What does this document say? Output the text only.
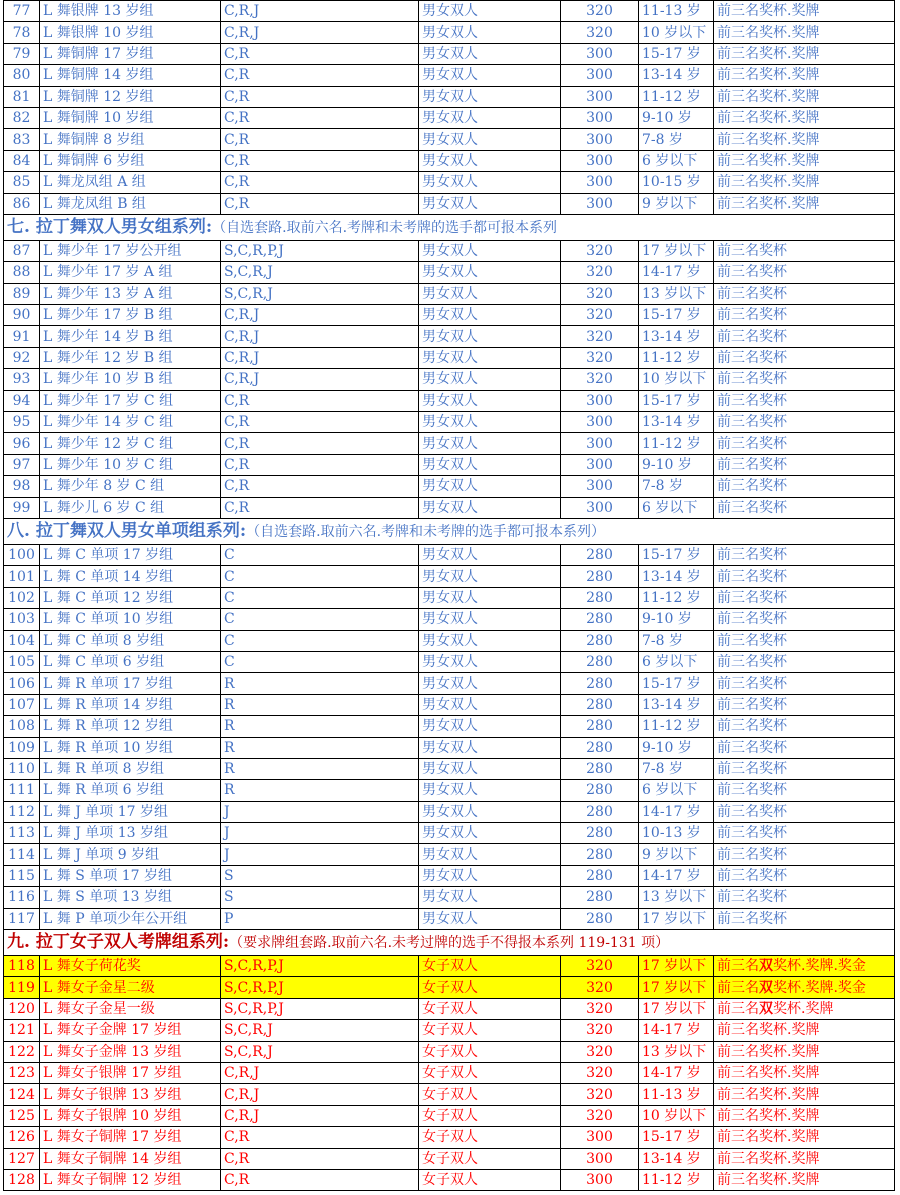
77	L 舞银牌 13 岁组	C,R,J	男女双人	320	11-13 岁	前三名奖杯.奖牌
78	L 舞银牌 10 岁组	C,R,J	男女双人	320	10 岁以下	前三名奖杯.奖牌
79	L 舞铜牌 17 岁组	C,R	男女双人	300	15-17 岁	前三名奖杯.奖牌
80	L 舞铜牌 14 岁组	C,R	男女双人	300	13-14 岁	前三名奖杯.奖牌
81	L 舞铜牌 12 岁组	C,R	男女双人	300	11-12 岁	前三名奖杯.奖牌
82	L 舞铜牌 10 岁组	C,R	男女双人	300	9-10 岁	前三名奖杯.奖牌
83	L 舞铜牌 8 岁组	C,R	男女双人	300	7-8 岁	前三名奖杯.奖牌
84	L 舞铜牌 6 岁组	C,R	男女双人	300	6 岁以下	前三名奖杯.奖牌
85	L 舞龙凤组 A 组	C,R	男女双人	300	10-15 岁	前三名奖杯.奖牌
86	L 舞龙凤组 B 组	C,R	男女双人	300	9 岁以下	前三名奖杯.奖牌
七. 拉丁舞双人男女组系列:（自选套路.取前六名.考牌和未考牌的选手都可报本系列						
87	L 舞少年 17 岁公开组	S,C,R,P,J	男女双人	320	17 岁以下	前三名奖杯
88	L 舞少年 17 岁 A 组	S,C,R,J	男女双人	320	14-17 岁	前三名奖杯
89	L 舞少年 13 岁 A 组	S,C,R,J	男女双人	320	13 岁以下	前三名奖杯
90	L 舞少年 17 岁 B 组	C,R,J	男女双人	320	15-17 岁	前三名奖杯
91	L 舞少年 14 岁 B 组	C,R,J	男女双人	320	13-14 岁	前三名奖杯
92	L 舞少年 12 岁 B 组	C,R,J	男女双人	320	11-12 岁	前三名奖杯
93	L 舞少年 10 岁 B 组	C,R,J	男女双人	320	10 岁以下	前三名奖杯
94	L 舞少年 17 岁 C 组	C,R	男女双人	300	15-17 岁	前三名奖杯
95	L 舞少年 14 岁 C 组	C,R	男女双人	300	13-14 岁	前三名奖杯
96	L 舞少年 12 岁 C 组	C,R	男女双人	300	11-12 岁	前三名奖杯
97	L 舞少年 10 岁 C 组	C,R	男女双人	300	9-10 岁	前三名奖杯
98	L 舞少年 8 岁 C 组	C,R	男女双人	300	7-8 岁	前三名奖杯
99	L 舞少儿 6 岁 C 组	C,R	男女双人	300	6 岁以下	前三名奖杯
八. 拉丁舞双人男女单项组系列:（自选套路.取前六名.考牌和未考牌的选手都可报本系列）						
100	L 舞 C 单项 17 岁组	C	男女双人	280	15-17 岁	前三名奖杯
101	L 舞 C 单项 14 岁组	C	男女双人	280	13-14 岁	前三名奖杯
102	L 舞 C 单项 12 岁组	C	男女双人	280	11-12 岁	前三名奖杯
103	L 舞 C 单项 10 岁组	C	男女双人	280	9-10 岁	前三名奖杯
104	L 舞 C 单项 8 岁组	C	男女双人	280	7-8 岁	前三名奖杯
105	L 舞 C 单项 6 岁组	C	男女双人	280	6 岁以下	前三名奖杯
106	L 舞 R 单项 17 岁组	R	男女双人	280	15-17 岁	前三名奖杯
107	L 舞 R 单项 14 岁组	R	男女双人	280	13-14 岁	前三名奖杯
108	L 舞 R 单项 12 岁组	R	男女双人	280	11-12 岁	前三名奖杯
109	L 舞 R 单项 10 岁组	R	男女双人	280	9-10 岁	前三名奖杯
110	L 舞 R 单项 8 岁组	R	男女双人	280	7-8 岁	前三名奖杯
111	L 舞 R 单项 6 岁组	R	男女双人	280	6 岁以下	前三名奖杯
112	L 舞 J 单项 17 岁组	J	男女双人	280	14-17 岁	前三名奖杯
113	L 舞 J 单项 13 岁组	J	男女双人	280	10-13 岁	前三名奖杯
114	L 舞 J 单项 9 岁组	J	男女双人	280	9 岁以下	前三名奖杯
115	L 舞 S 单项 17 岁组	S	男女双人	280	14-17 岁	前三名奖杯
116	L 舞 S 单项 13 岁组	S	男女双人	280	13 岁以下	前三名奖杯
117	L 舞 P 单项少年公开组	P	男女双人	280	17 岁以下	前三名奖杯
九. 拉丁女子双人考牌组系列:（要求牌组套路.取前六名.未考过牌的选手不得报本系列 119-131 项）						
118	L 舞女子荷花奖	S,C,R,P,J	女子双人	320	17 岁以下	前三名双奖杯.奖牌.奖金
119	L 舞女子金星二级	S,C,R,P,J	女子双人	320	17 岁以下	前三名双奖杯.奖牌.奖金
120	L 舞女子金星一级	S,C,R,P,J	女子双人	320	17 岁以下	前三名双奖杯.奖牌
121	L 舞女子金牌 17 岁组	S,C,R,J	女子双人	320	14-17 岁	前三名奖杯.奖牌
122	L 舞女子金牌 13 岁组	S,C,R,J	女子双人	320	13 岁以下	前三名奖杯.奖牌
123	L 舞女子银牌 17 岁组	C,R,J	女子双人	320	14-17 岁	前三名奖杯.奖牌
124	L 舞女子银牌 13 岁组	C,R,J	女子双人	320	11-13 岁	前三名奖杯.奖牌
125	L 舞女子银牌 10 岁组	C,R,J	女子双人	320	10 岁以下	前三名奖杯.奖牌
126	L 舞女子铜牌 17 岁组	C,R	女子双人	300	15-17 岁	前三名奖杯.奖牌
127	L 舞女子铜牌 14 岁组	C,R	女子双人	300	13-14 岁	前三名奖杯.奖牌
128	L 舞女子铜牌 12 岁组	C,R	女子双人	300	11-12 岁	前三名奖杯.奖牌
